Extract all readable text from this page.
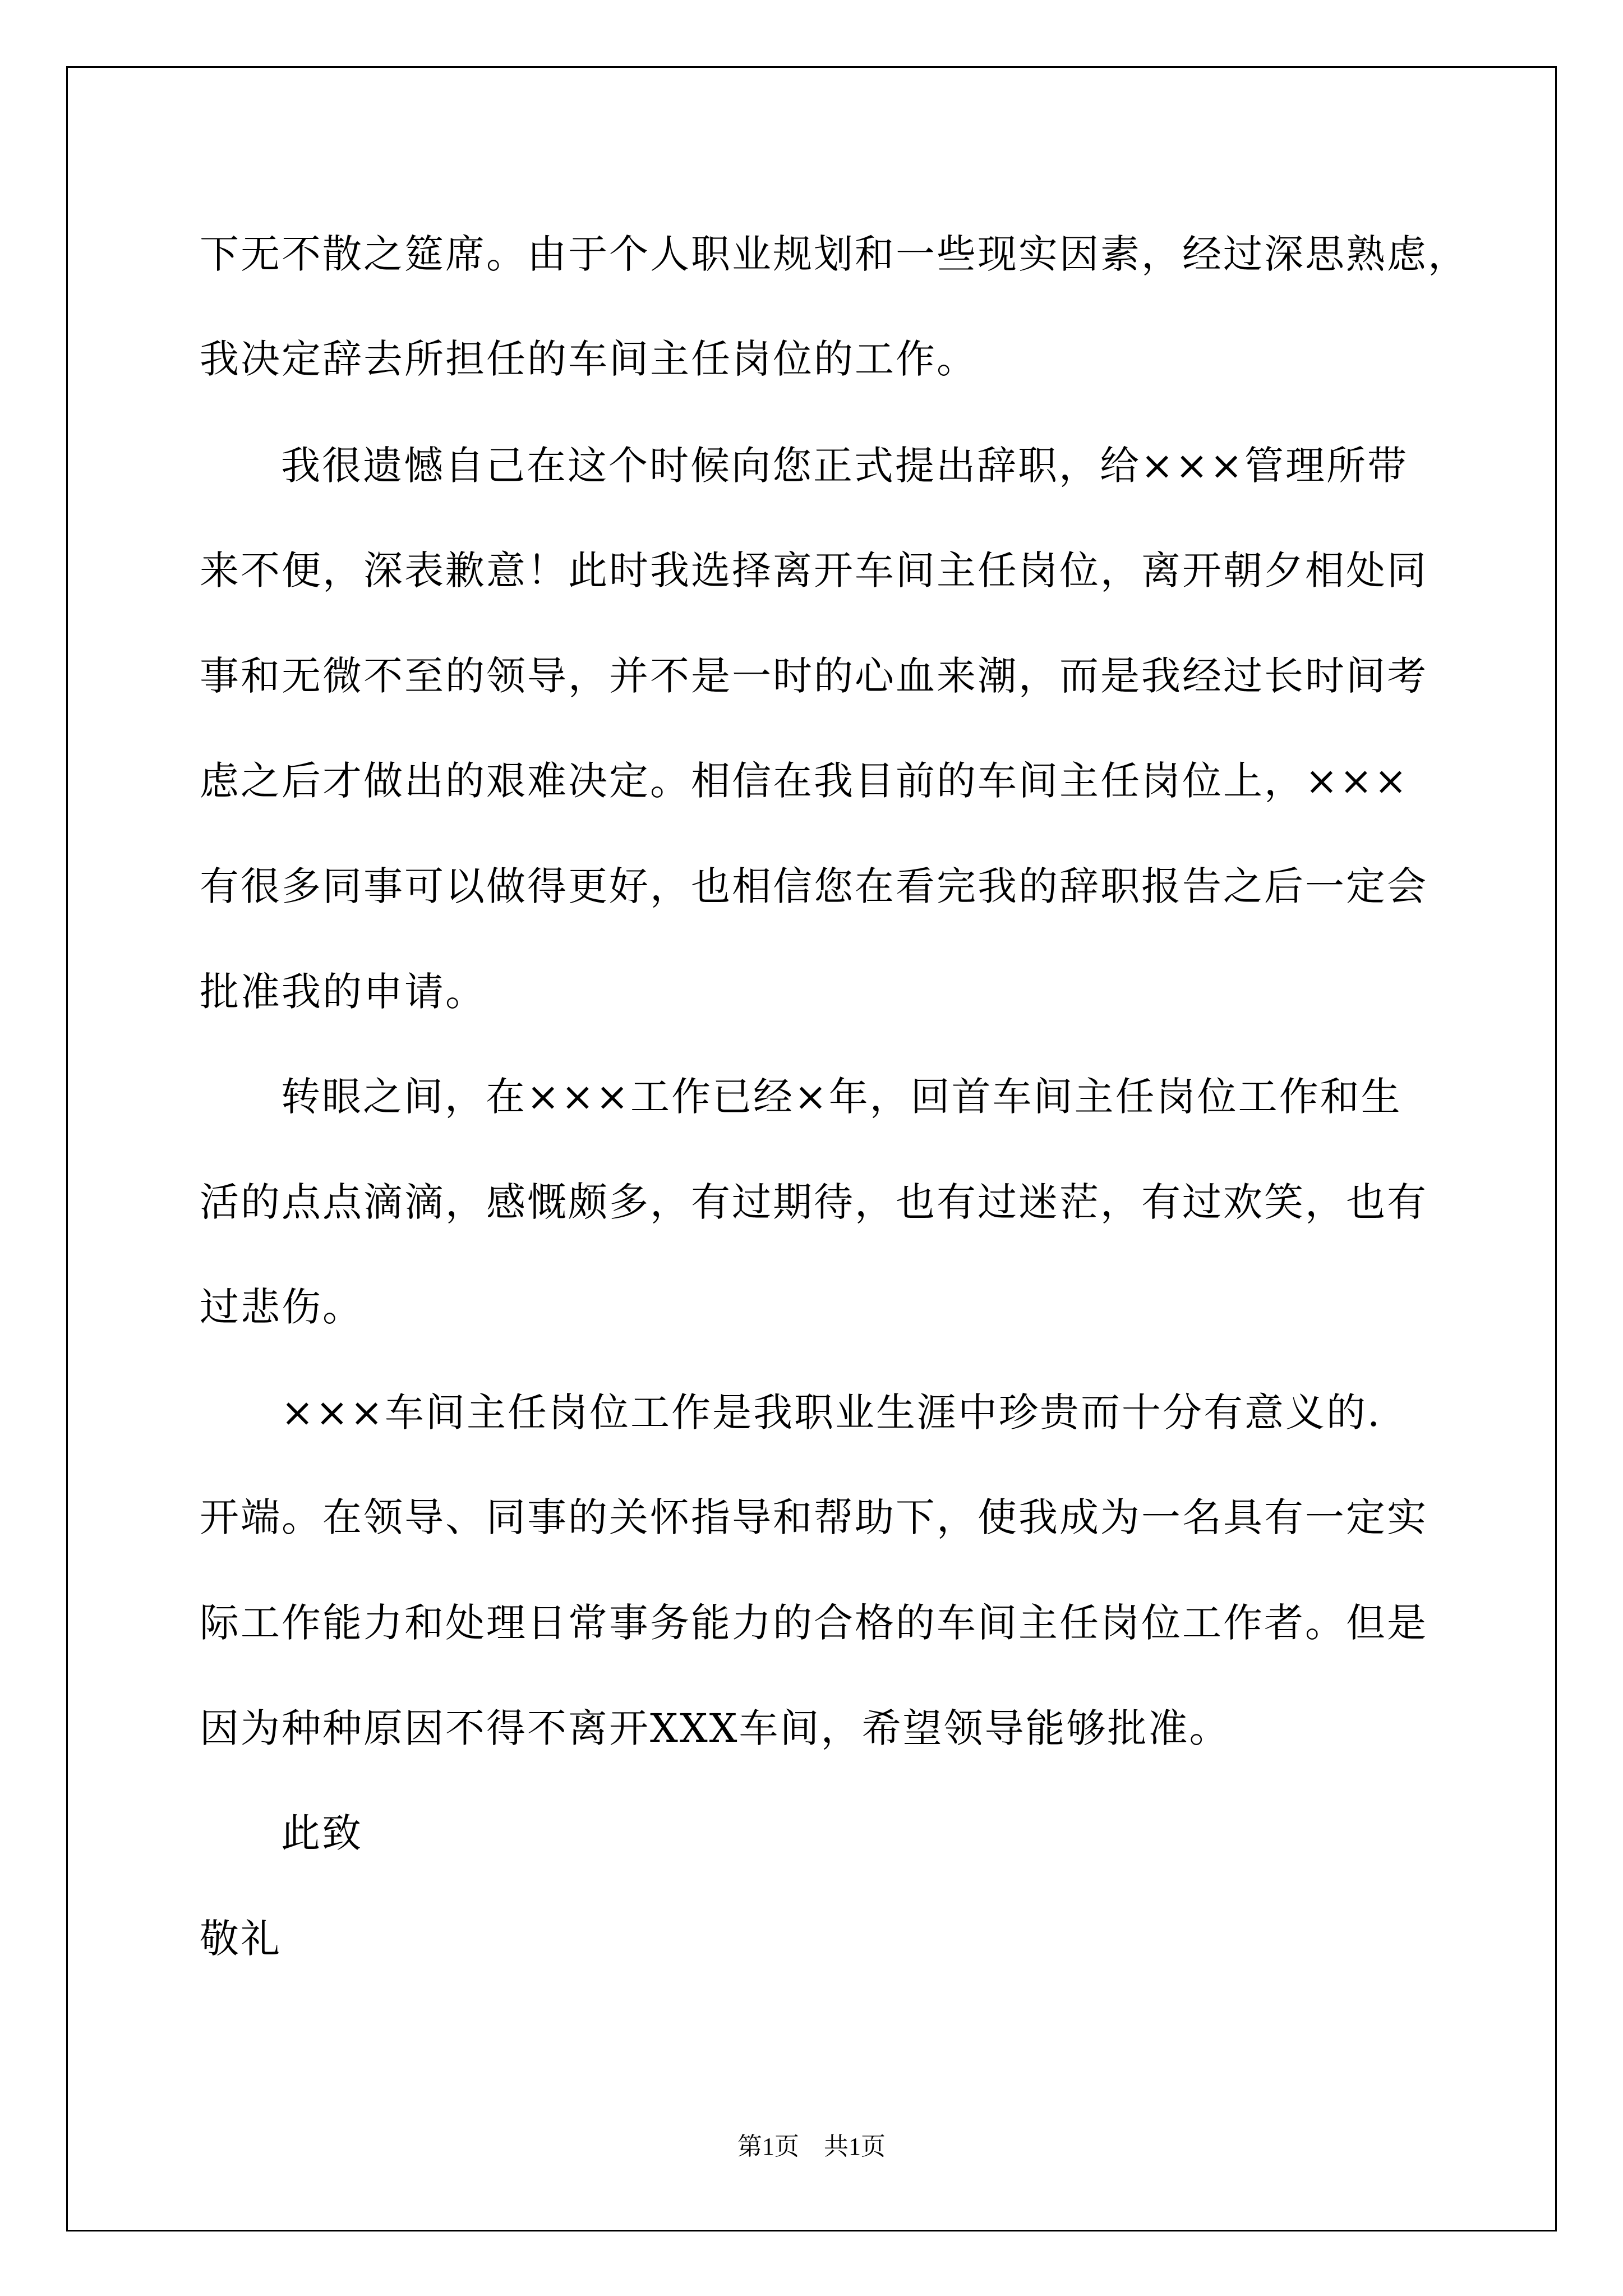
下无不散之筵席。由于个人职业规划和一些现实因素，经过深思熟虑，
我决定辞去所担任的车间主任岗位的工作。
我很遗憾自己在这个时候向您正式提出辞职，给×××管理所带
来不便，深表歉意！此时我选择离开车间主任岗位，离开朝夕相处同
事和无微不至的领导，并不是一时的心血来潮，而是我经过长时间考
虑之后才做出的艰难决定。相信在我目前的车间主任岗位上，×××
有很多同事可以做得更好，也相信您在看完我的辞职报告之后一定会
批准我的申请。
转眼之间，在×××工作已经×年，回首车间主任岗位工作和生
活的点点滴滴，感慨颇多，有过期待，也有过迷茫，有过欢笑，也有
过悲伤。
×××车间主任岗位工作是我职业生涯中珍贵而十分有意义的.
开端。在领导、同事的关怀指导和帮助下，使我成为一名具有一定实
际工作能力和处理日常事务能力的合格的车间主任岗位工作者。但是
因为种种原因不得不离开XXX车间，希望领导能够批准。
此致
敬礼
第1页　共1页
